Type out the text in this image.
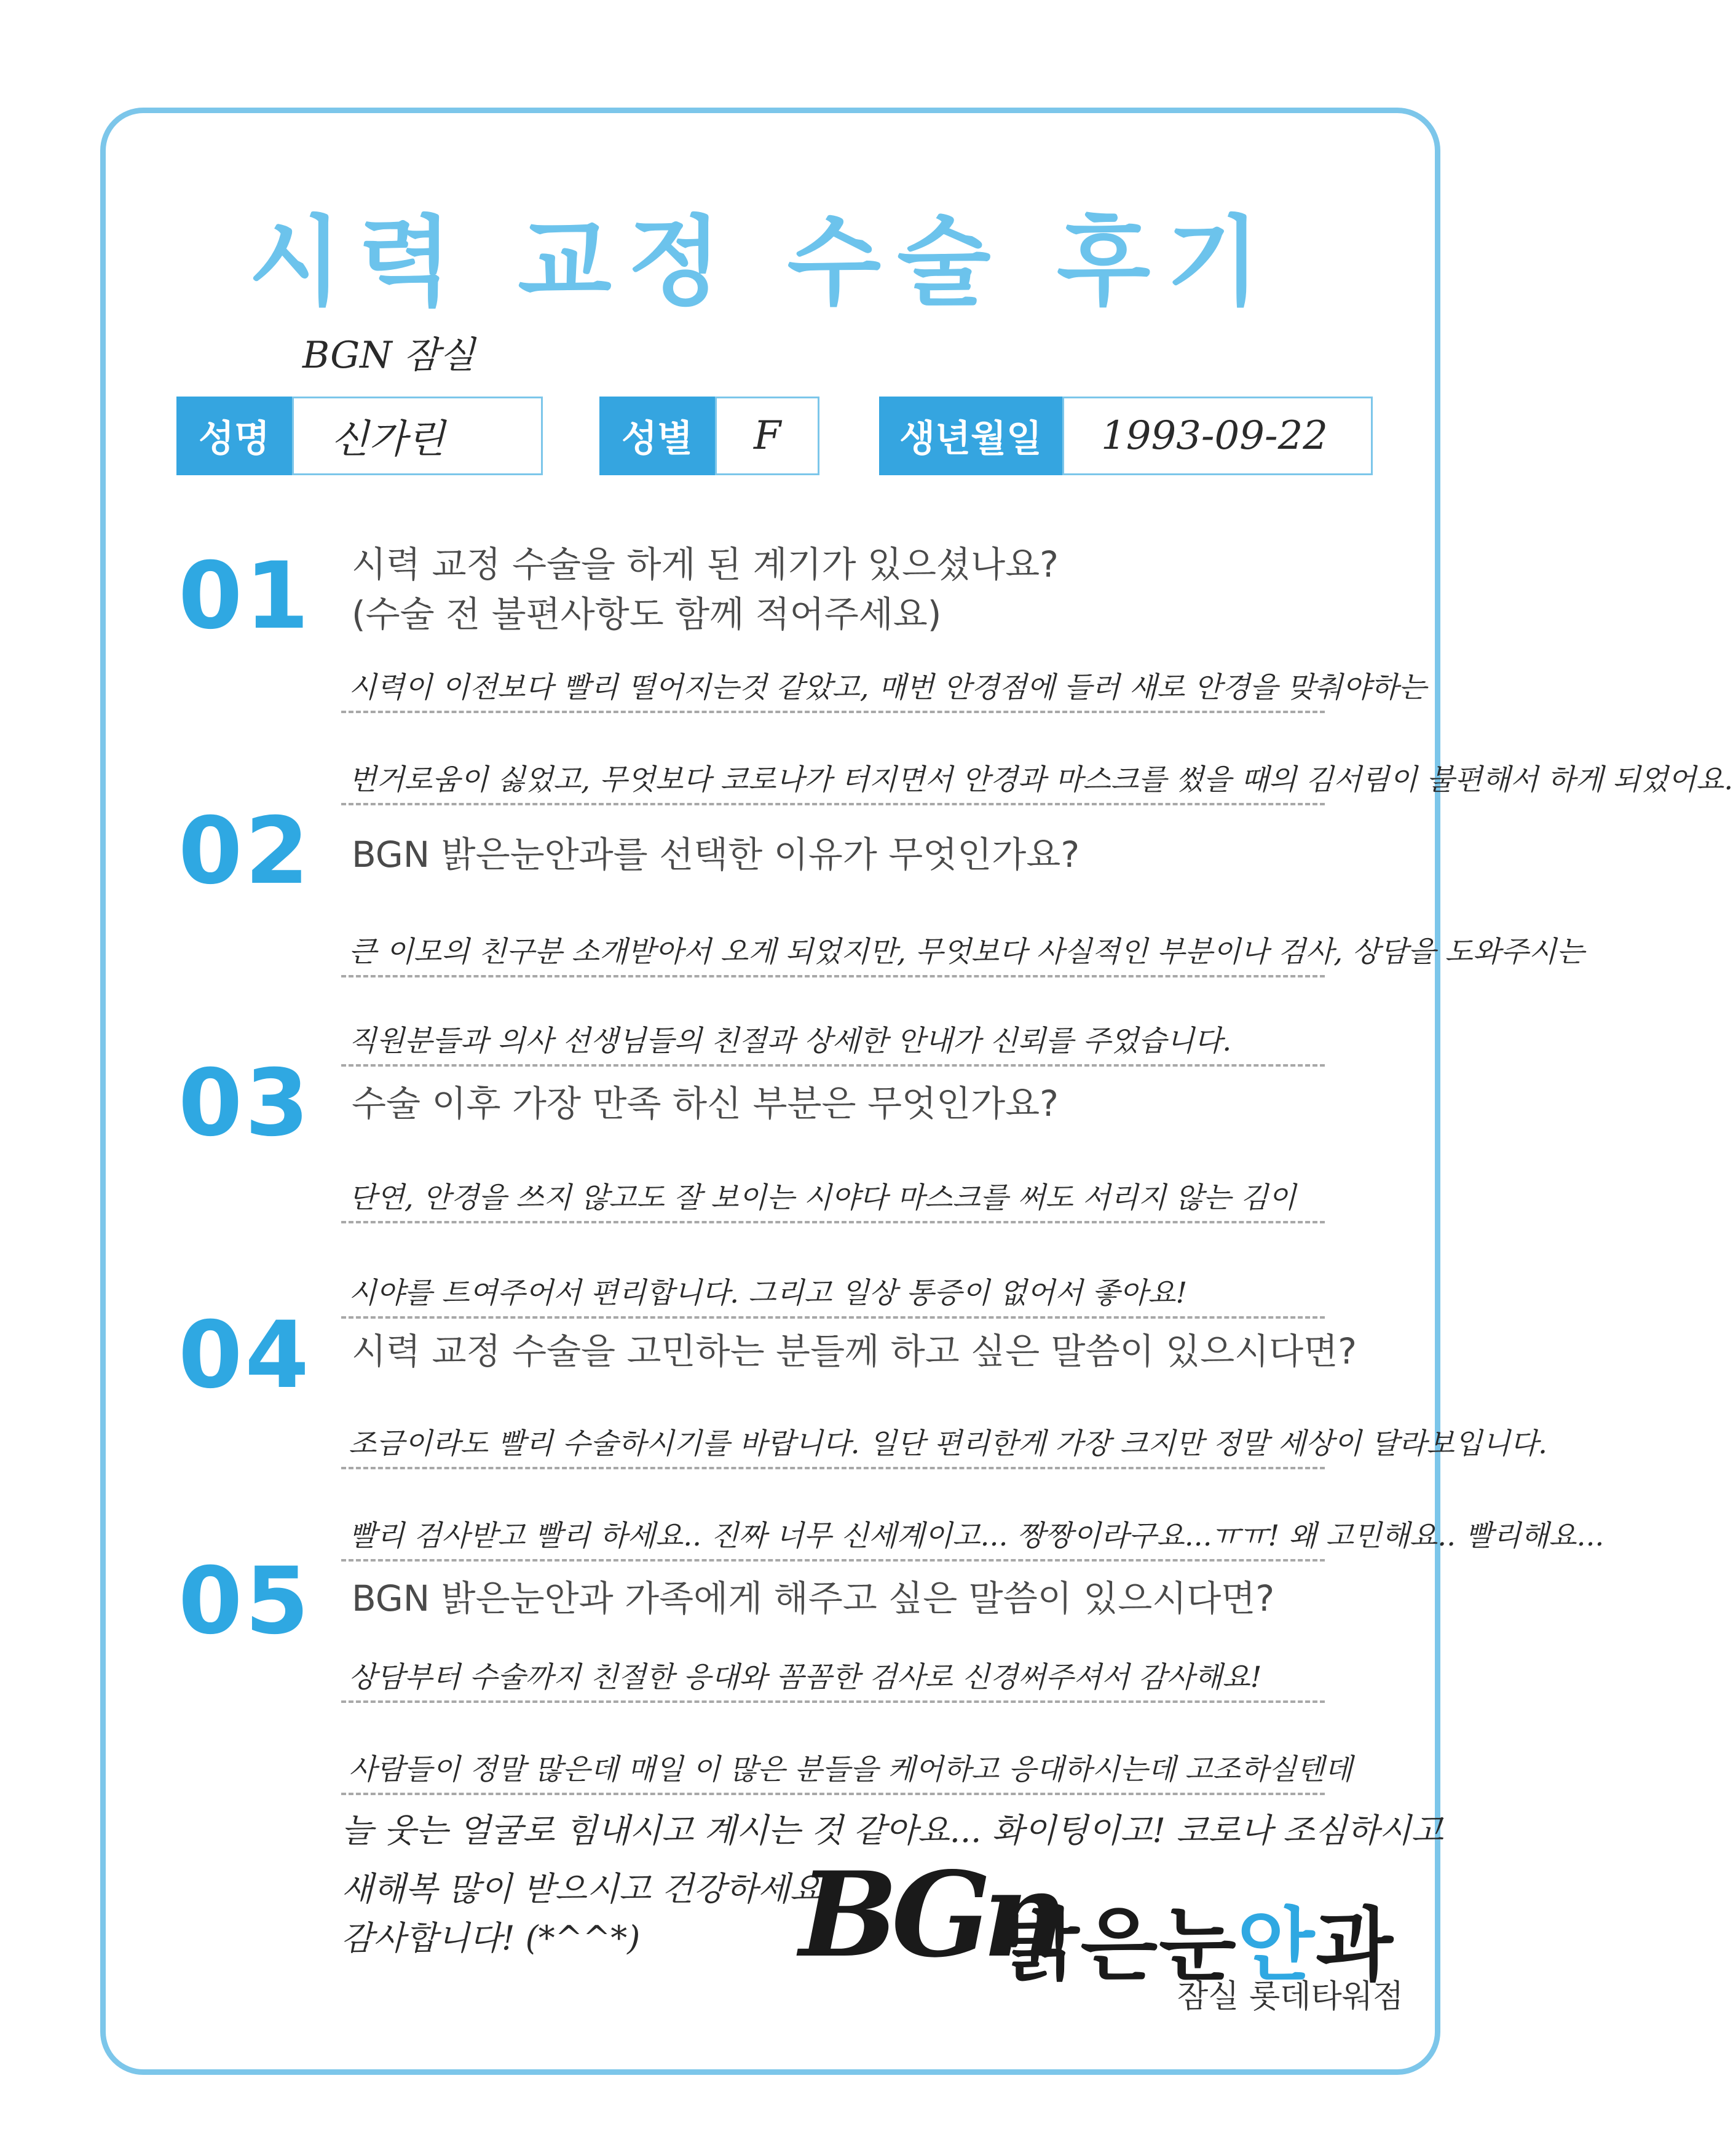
시력 교정 수술 후기
BGN 잠실
성명	신가린	성별	F	생년월일	1993-09-22
01 시력 교정 수술을 하게 된 계기가 있으셨나요?
(수술 전 불편사항도 함께 적어주세요)
시력이 이전보다 빨리 떨어지는것 같았고, 매번 안경점에 들러 새로 안경을 맞춰야하는
번거로움이 싫었고, 무엇보다 코로나가 터지면서 안경과 마스크를 썼을 때의 김서림이 불편해서 하게 되었어요.
02 BGN 밝은눈안과를 선택한 이유가 무엇인가요?
큰 이모의 친구분 소개받아서 오게 되었지만, 무엇보다 사실적인 부분이나 검사, 상담을 도와주시는
직원분들과 의사 선생님들의 친절과 상세한 안내가 신뢰를 주었습니다.
03 수술 이후 가장 만족 하신 부분은 무엇인가요?
단연, 안경을 쓰지 않고도 잘 보이는 시야다 마스크를 써도 서리지 않는 김이
시야를 트여주어서 편리합니다. 그리고 일상 통증이 없어서 좋아요!
04 시력 교정 수술을 고민하는 분들께 하고 싶은 말씀이 있으시다면?
조금이라도 빨리 수술하시기를 바랍니다. 일단 편리한게 가장 크지만 정말 세상이 달라보입니다.
빨리 검사받고 빨리 하세요.. 진짜 너무 신세계이고... 짱짱이라구요...ㅠㅠ! 왜 고민해요.. 빨리해요...
05 BGN 밝은눈안과 가족에게 해주고 싶은 말씀이 있으시다면?
상담부터 수술까지 친절한 응대와 꼼꼼한 검사로 신경써주셔서 감사해요!
사람들이 정말 많은데 매일 이 많은 분들을 케어하고 응대하시는데 고조하실텐데
늘 웃는 얼굴로 힘내시고 계시는 것 같아요... 화이팅이고! 코로나 조심하시고
새해복 많이 받으시고 건강하세요!
감사합니다! (*^^*) BGn
밝은눈안과
잠실 롯데타워점
